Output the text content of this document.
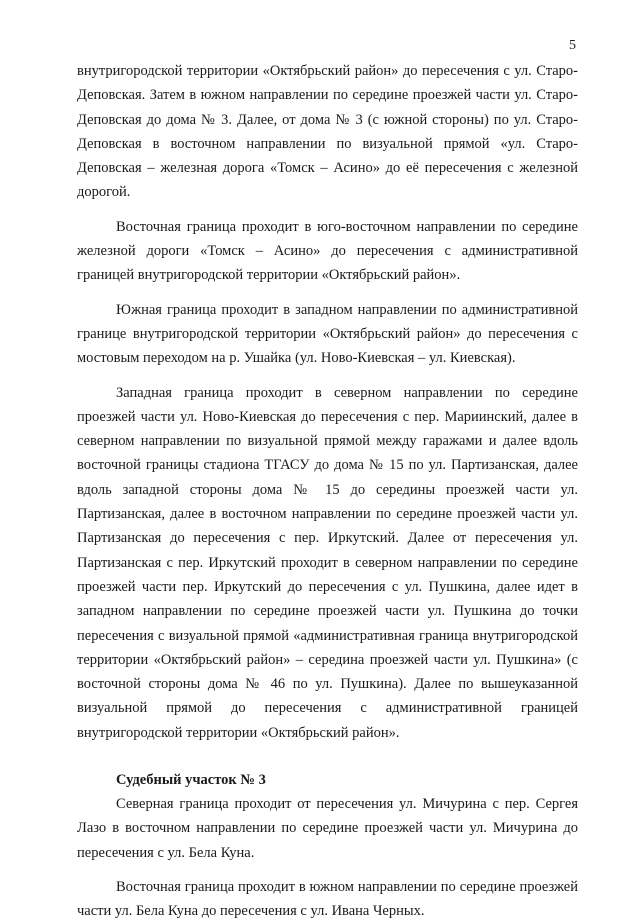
5

внутригородской территории «Октябрьский район» до пересечения с ул. Старо-Деповская. Затем в южном направлении по середине проезжей части ул. Старо-Деповская до дома № 3. Далее, от дома № 3 (с южной стороны) по ул. Старо-Деповская в восточном направлении по визуальной прямой «ул. Старо-Деповская – железная дорога «Томск – Асино» до её пересечения с железной дорогой.

Восточная граница проходит в юго-восточном направлении по середине железной дороги «Томск – Асино» до пересечения с административной границей внутригородской территории «Октябрьский район».

Южная граница проходит в западном направлении по административной границе внутригородской территории «Октябрьский район» до пересечения с мостовым переходом на р. Ушайка (ул. Ново-Киевская – ул. Киевская).

Западная граница проходит в северном направлении по середине проезжей части ул. Ново-Киевская до пересечения с пер. Мариинский, далее в северном направлении по визуальной прямой между гаражами и далее вдоль восточной границы стадиона ТГАСУ до дома № 15 по ул. Партизанская, далее вдоль западной стороны дома № 15 до середины проезжей части ул. Партизанская, далее в восточном направлении по середине проезжей части ул. Партизанская до пересечения с пер. Иркутский. Далее от пересечения ул. Партизанская с пер. Иркутский проходит в северном направлении по середине проезжей части пер. Иркутский до пересечения с ул. Пушкина, далее идет в западном направлении по середине проезжей части ул. Пушкина до точки пересечения с визуальной прямой «административная граница внутригородской территории «Октябрьский район» – середина проезжей части ул. Пушкина» (с восточной стороны дома № 46 по ул. Пушкина). Далее по вышеуказанной визуальной прямой до пересечения с административной границей внутригородской территории «Октябрьский район».

Судебный участок № 3

Северная граница проходит от пересечения ул. Мичурина с пер. Сергея Лазо в восточном направлении по середине проезжей части ул. Мичурина до пересечения с ул. Бела Куна.

Восточная граница проходит в южном направлении по середине проезжей части ул. Бела Куна до пересечения с ул. Ивана Черных.
